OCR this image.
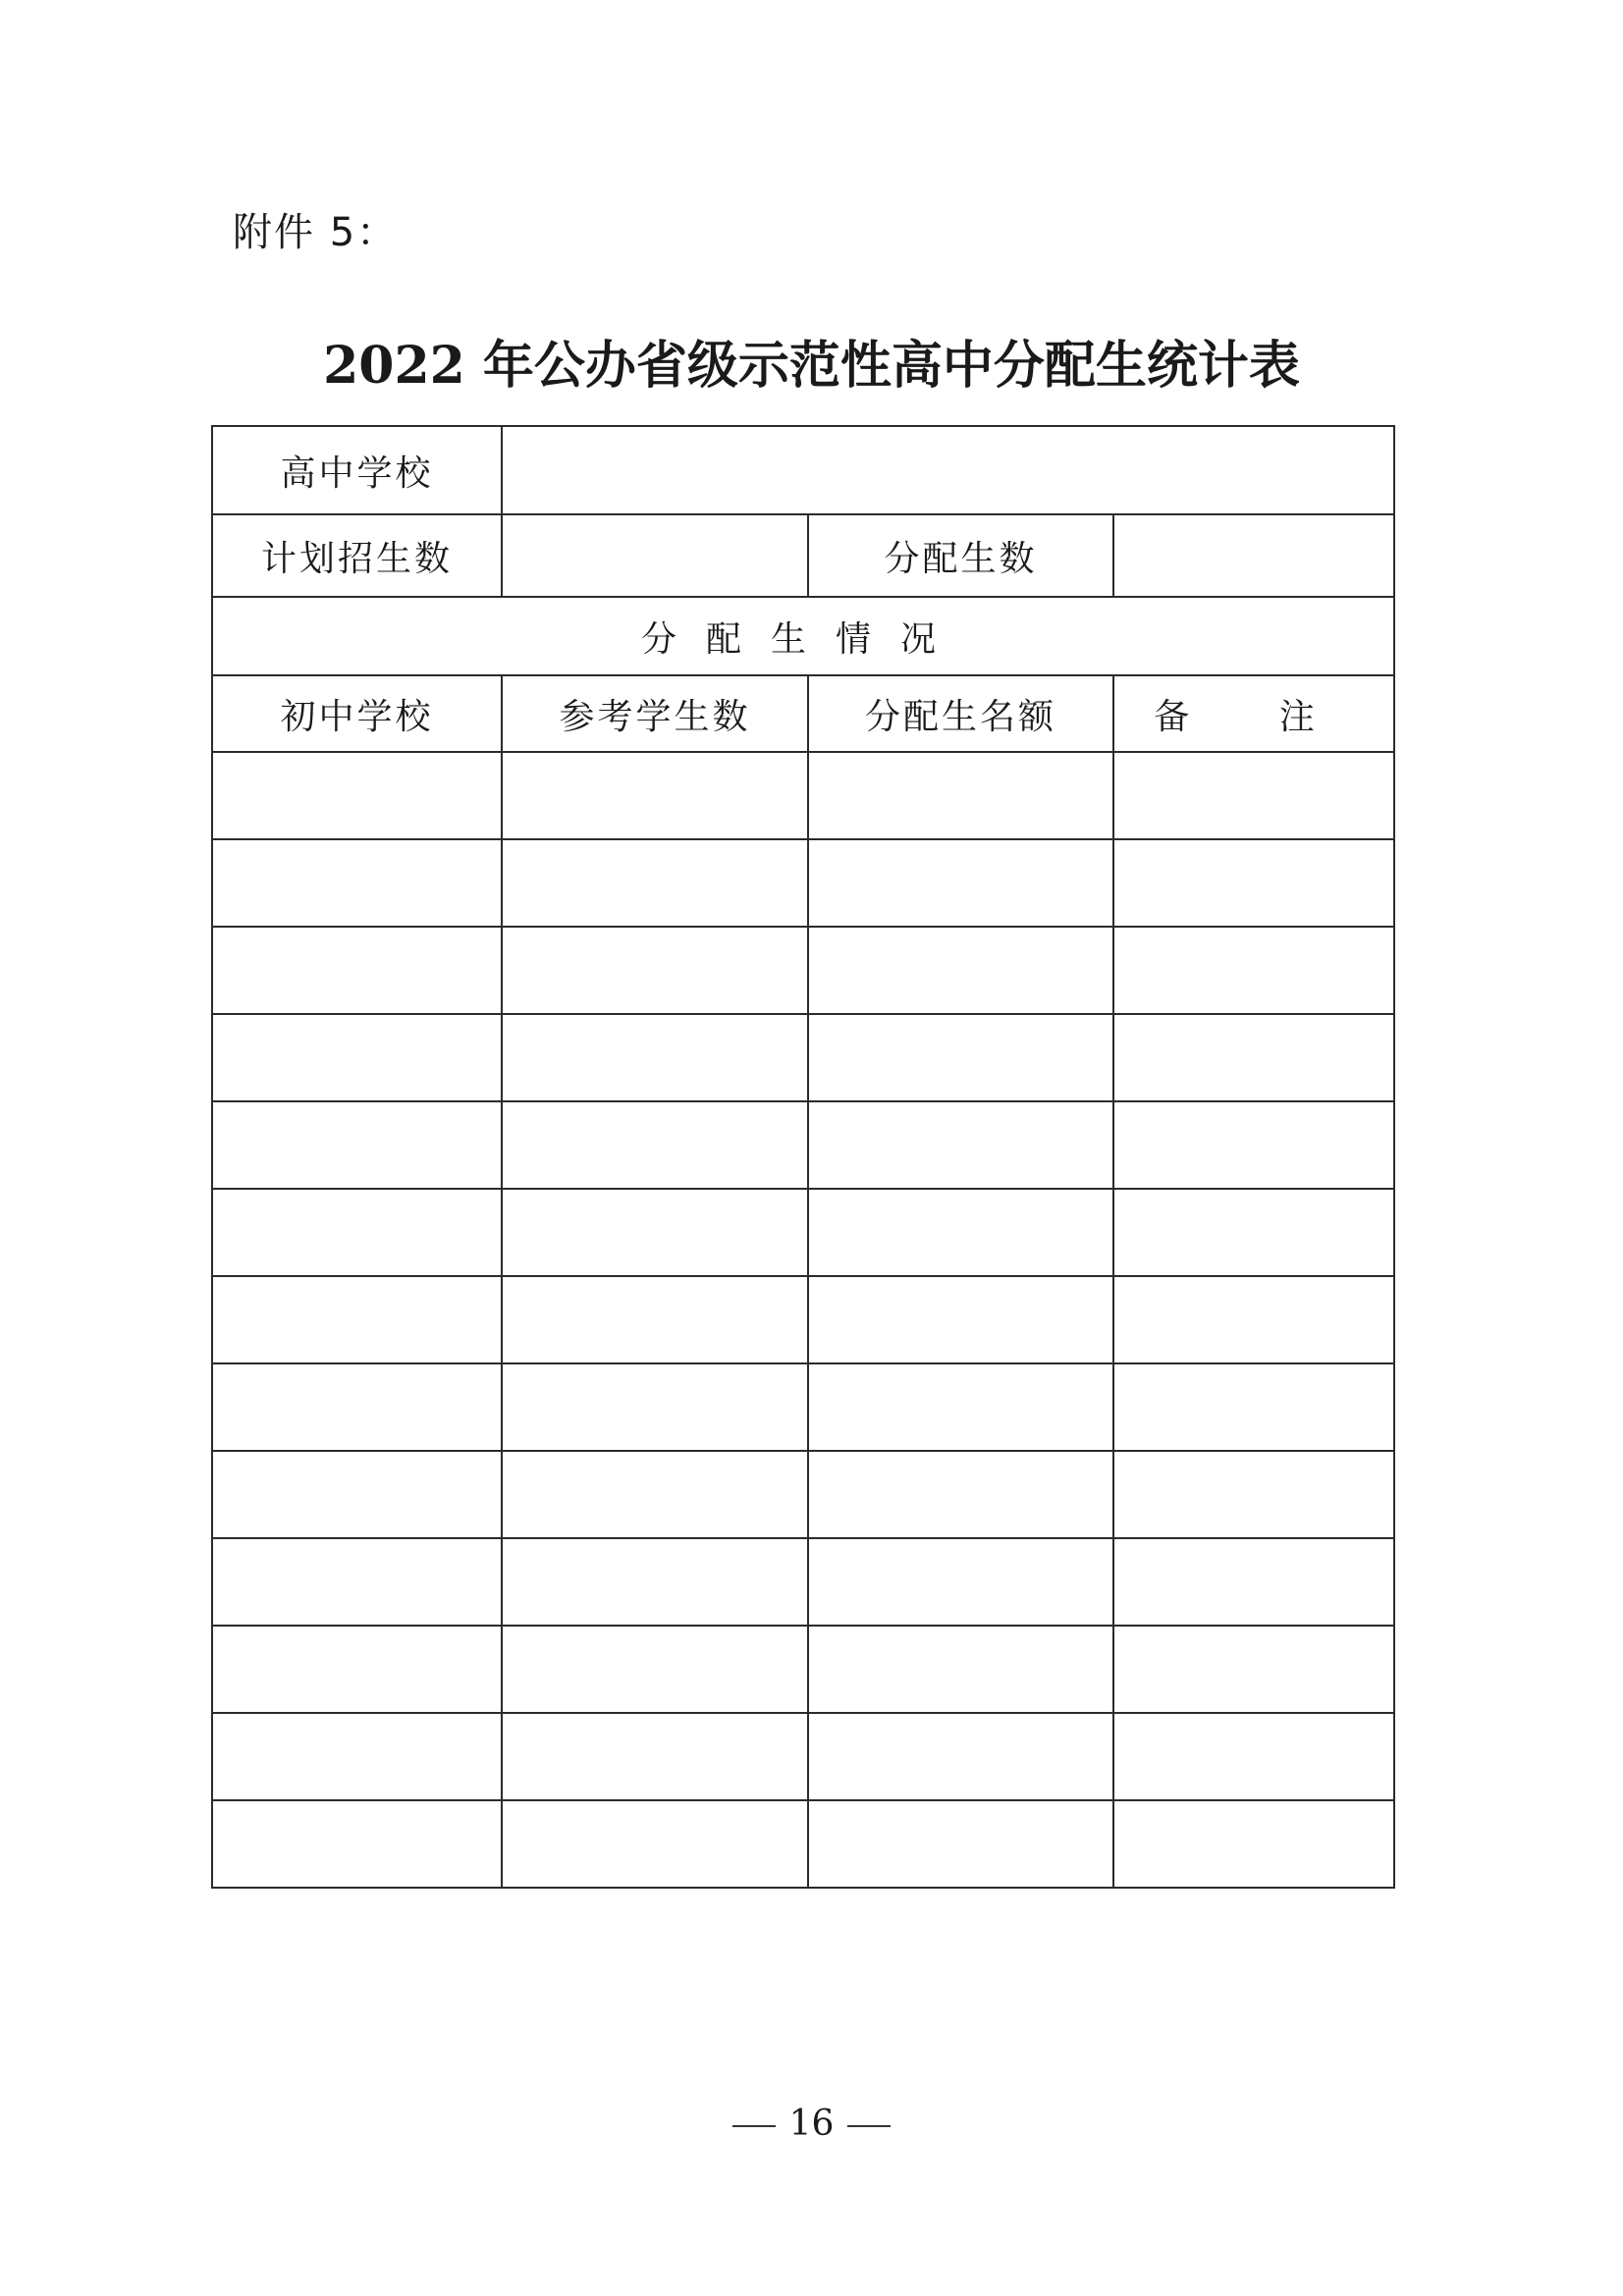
附件 5：
2022 年公办省级示范性高中分配生统计表
高中学校			
计划招生数		分配生数	
分配生情况			
初中学校	参考学生数	分配生名额	备 注

16
